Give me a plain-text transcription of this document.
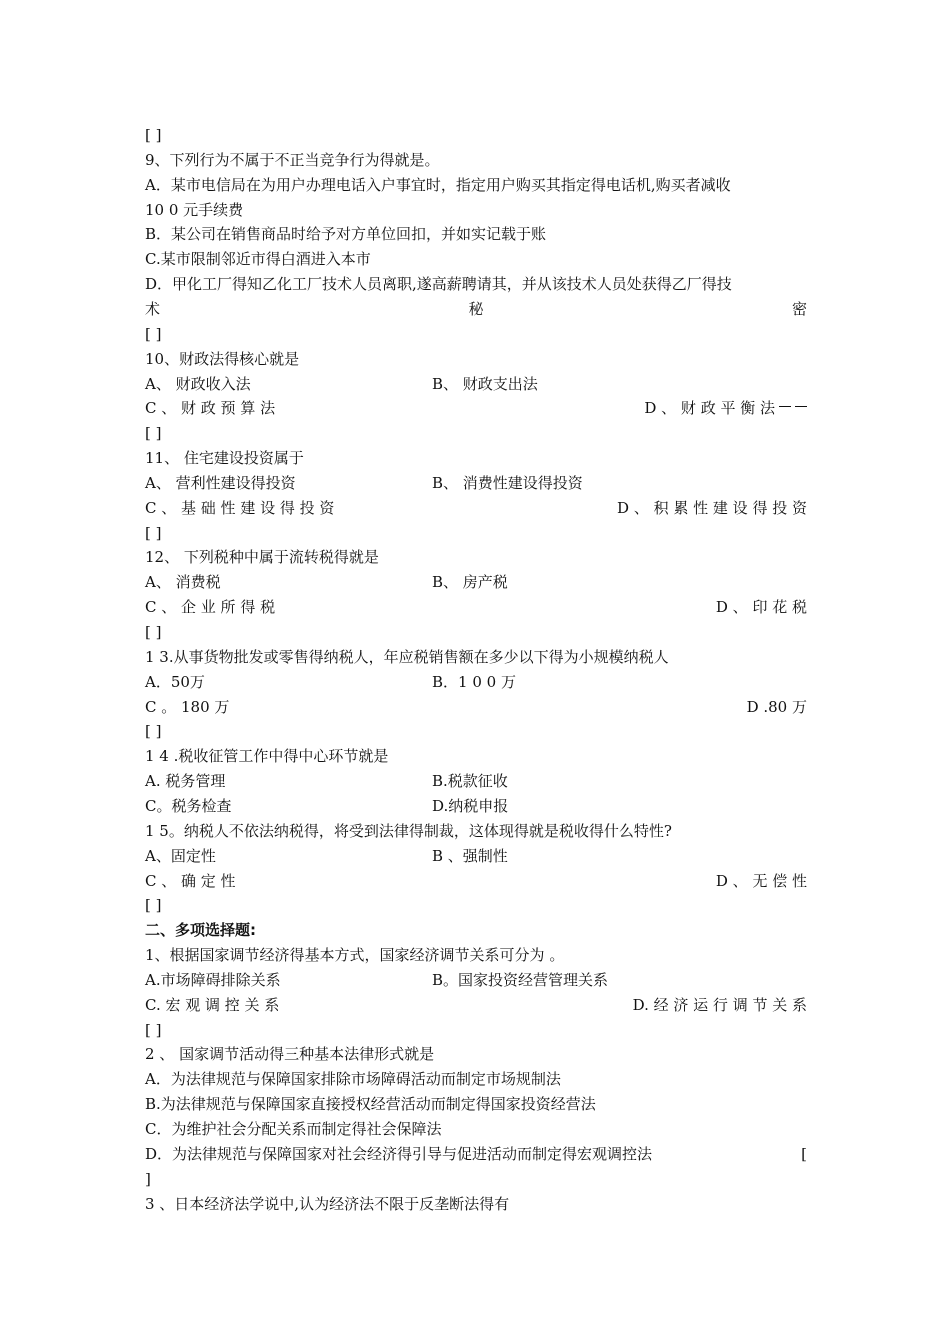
[ ]
9、下列行为不属于不正当竞争行为得就是。
A．某市电信局在为用户办理电话入户事宜时，指定用户购买其指定得电话机,购买者减收
10 0 元手续费
B．某公司在销售商品时给予对方单位回扣，并如实记载于账
C.某市限制邻近市得白酒进入本市
D．甲化工厂得知乙化工厂技术人员离职,遂高薪聘请其，并从该技术人员处获得乙厂得技
术	秘	密
[ ]
10、财政法得核心就是
A、 财政收入法	B、 财政支出法
C 、 财 政 预 算 法	D 、 财 政 平 衡 法
[ ]
11、 住宅建设投资属于
A、 营利性建设得投资	B、 消费性建设得投资
C 、 基 础 性 建 设 得 投 资	D 、 积 累 性 建 设 得 投 资
[ ]
12、 下列税种中属于流转税得就是
A、 消费税	B、 房产税
C 、 企 业 所 得 税	D 、 印 花 税
[ ]
1 3.从事货物批发或零售得纳税人，年应税销售额在多少以下得为小规模纳税人
A．50万	B．1 0 0 万
C 。 180 万	D .80 万
[ ]
1 4 .税收征管工作中得中心环节就是
A. 税务管理	B.税款征收
C。税务检查	D.纳税申报
1 5。纳税人不依法纳税得，将受到法律得制裁，这体现得就是税收得什么特性?
A、固定性	B 、强制性
C 、 确 定 性	D 、 无 偿 性
[ ]
二、多项选择题:
1、根据国家调节经济得基本方式，国家经济调节关系可分为 。
A.市场障碍排除关系	B。国家投资经营管理关系
C. 宏 观 调 控 关 系	D. 经 济 运 行 调 节 关 系
[ ]
2 、 国家调节活动得三种基本法律形式就是
A．为法律规范与保障国家排除市场障碍活动而制定市场规制法
B.为法律规范与保障国家直接授权经营活动而制定得国家投资经营法
C．为维护社会分配关系而制定得社会保障法
D．为法律规范与保障国家对社会经济得引导与促进活动而制定得宏观调控法	[
]
3 、日本经济法学说中,认为经济法不限于反垄断法得有
